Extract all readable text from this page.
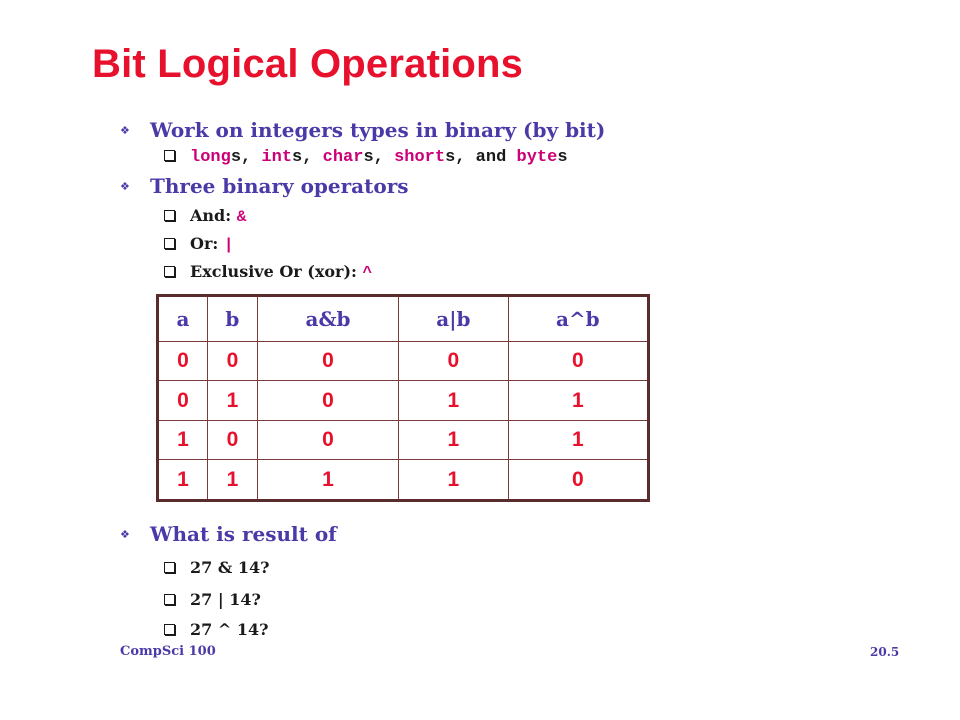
Bit Logical Operations
❖	Work on integers types in binary (by bit)
long s, int s, char s, short s, and byte s
❖	Three binary operators
And: &
Or: |
Exclusive Or (xor): ^
a	b	a&b	a|b	a^b
0	0	0	0	0
0	1	0	1	1
1	0	0	1	1
1	1	1	1	0
❖	What is result of
27 & 14?
27 | 14?
27 ^ 14?
CompSci 100	20.5
